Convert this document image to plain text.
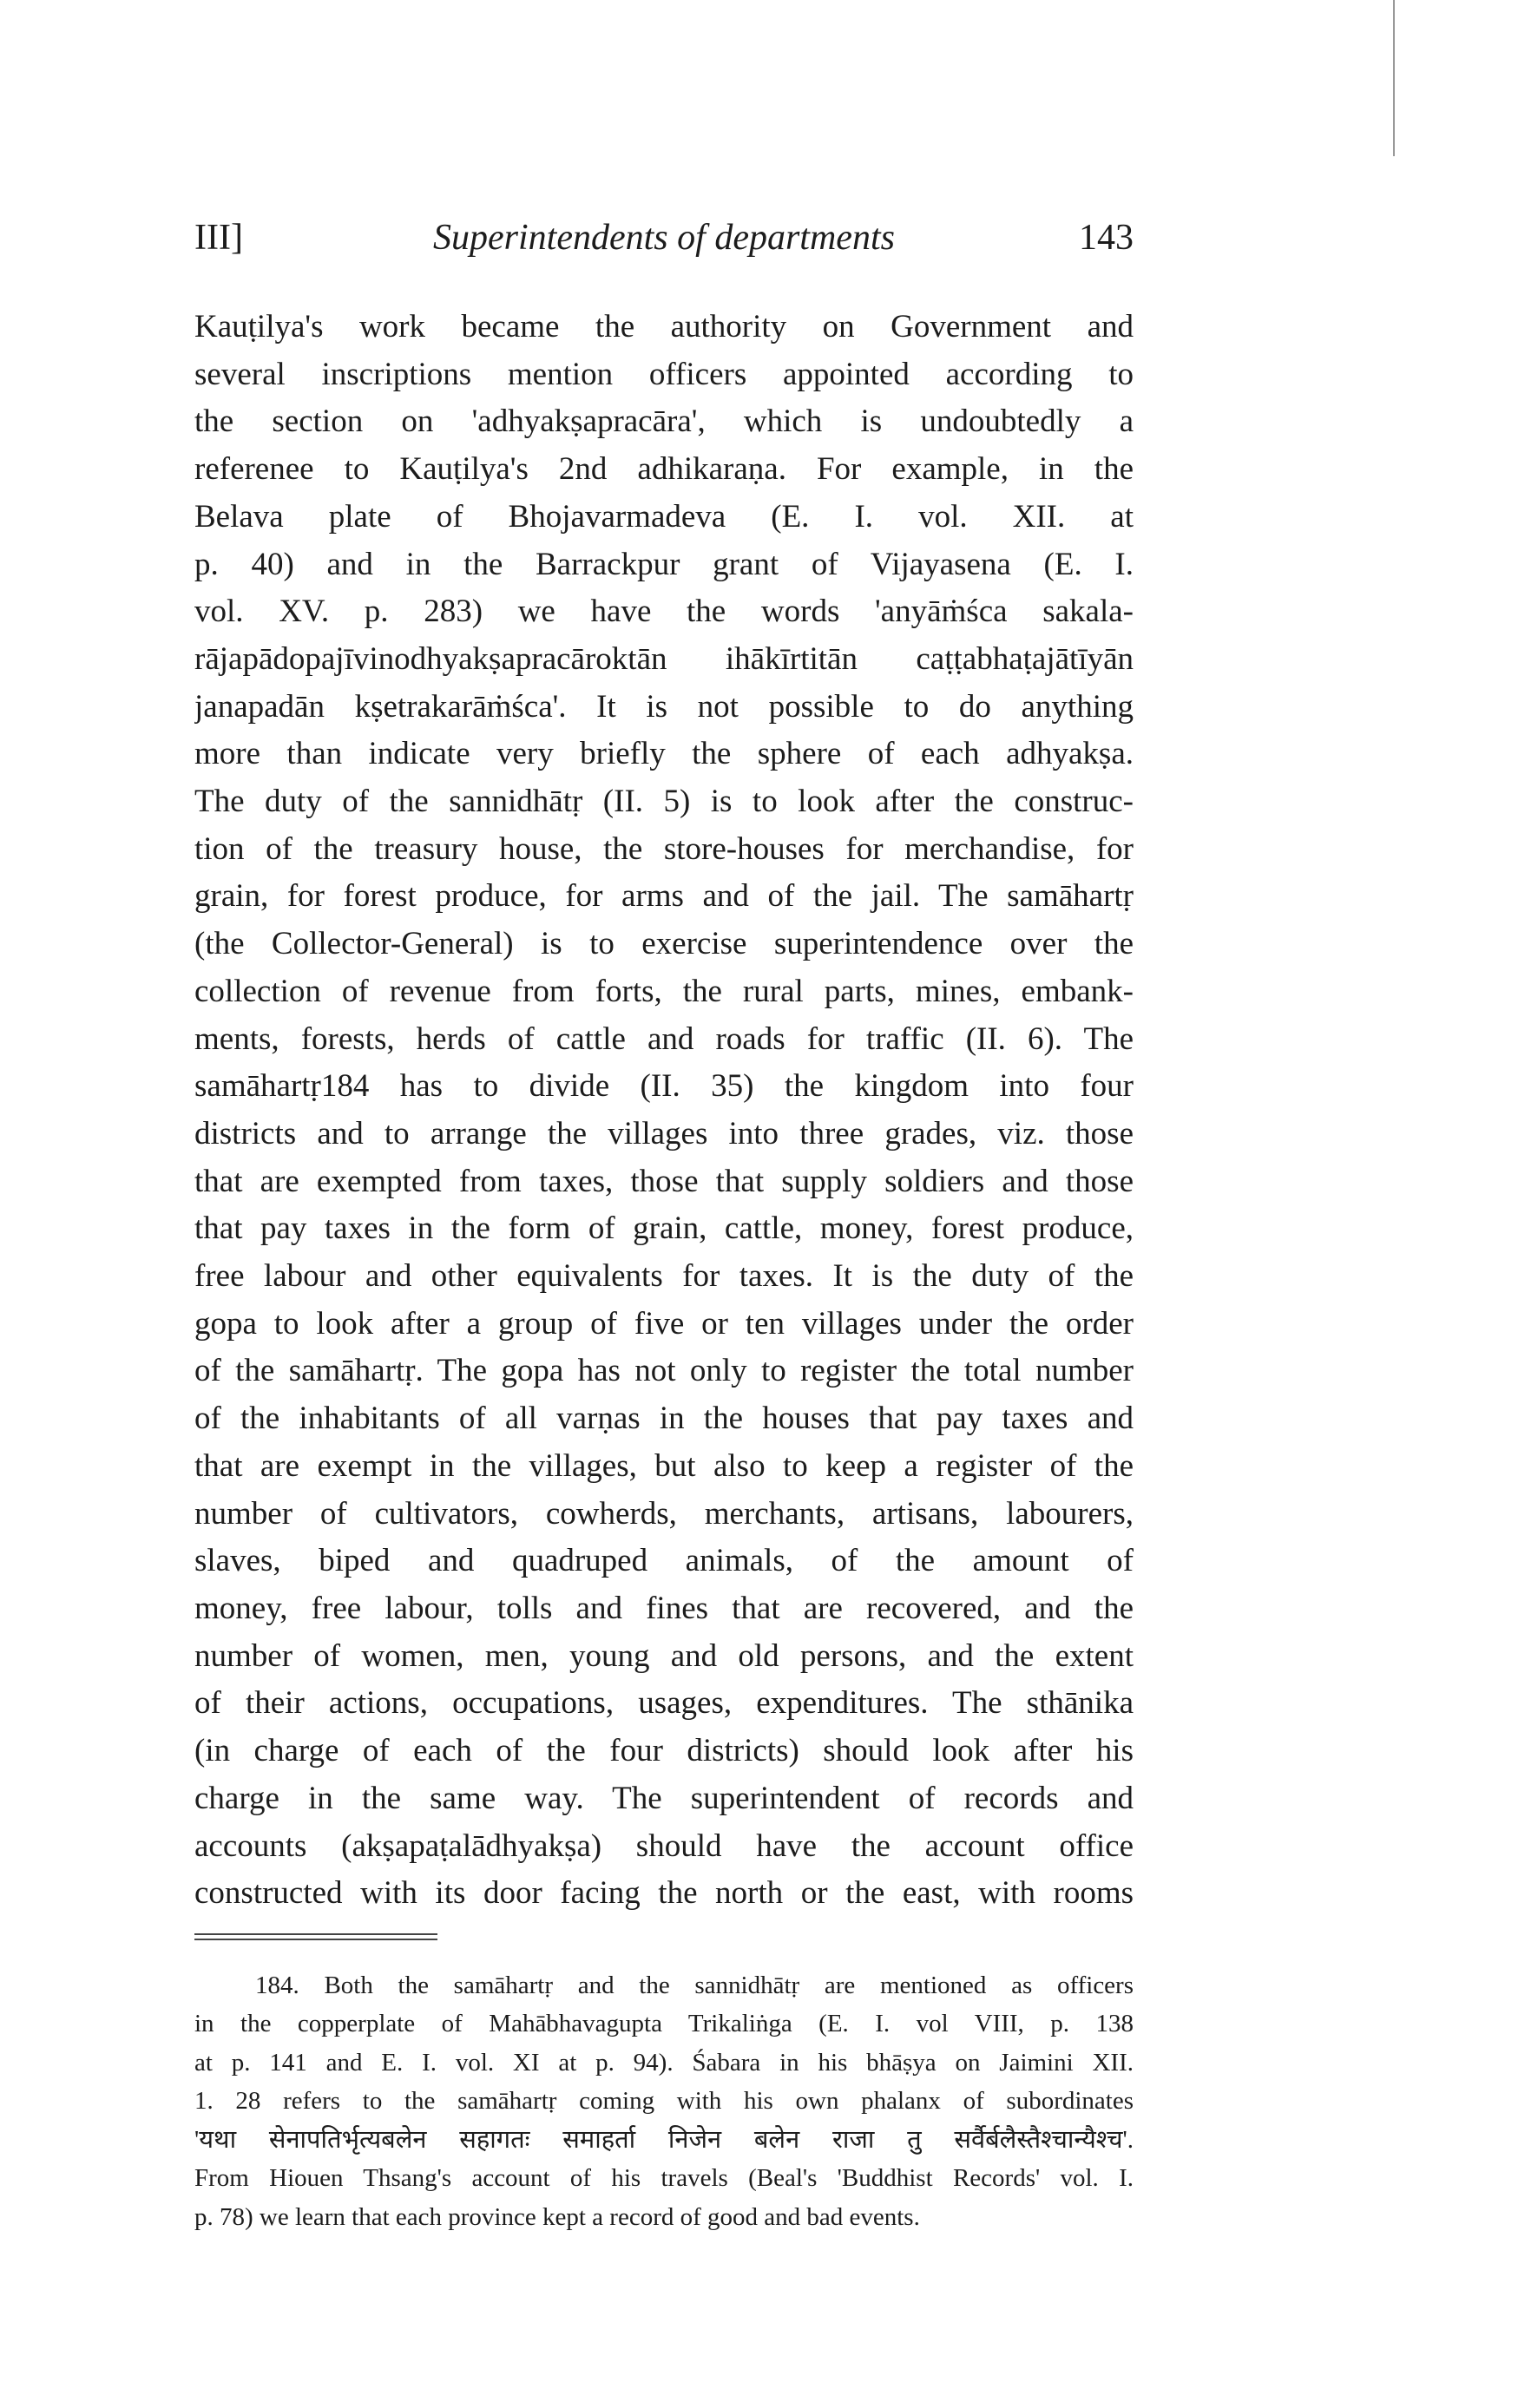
III]	Superintendents of departments	143
Kauṭilya's work became the authority on Government and
several inscriptions mention officers appointed according to
the section on 'adhyakṣapracāra', which is undoubtedly a
referenee to Kauṭilya's 2nd adhikaraṇa. For example, in the
Belava plate of Bhojavarmadeva (E. I. vol. XII. at
p. 40) and in the Barrackpur grant of Vijayasena (E. I.
vol. XV. p. 283) we have the words 'anyāṁśca sakala-
rājapādopajīvinodhyakṣapracāroktān ihākīrtitān caṭṭabhaṭajātīyān
janapadān kṣetrakarāṁśca'. It is not possible to do anything
more than indicate very briefly the sphere of each adhyakṣa.
The duty of the sannidhātṛ (II. 5) is to look after the construc-
tion of the treasury house, the store-houses for merchandise, for
grain, for forest produce, for arms and of the jail. The samāhartṛ
(the Collector-General) is to exercise superintendence over the
collection of revenue from forts, the rural parts, mines, embank-
ments, forests, herds of cattle and roads for traffic (II. 6). The
samāhartṛ184 has to divide (II. 35) the kingdom into four
districts and to arrange the villages into three grades, viz. those
that are exempted from taxes, those that supply soldiers and those
that pay taxes in the form of grain, cattle, money, forest produce,
free labour and other equivalents for taxes. It is the duty of the
gopa to look after a group of five or ten villages under the order
of the samāhartṛ. The gopa has not only to register the total number
of the inhabitants of all varṇas in the houses that pay taxes and
that are exempt in the villages, but also to keep a register of the
number of cultivators, cowherds, merchants, artisans, labourers,
slaves, biped and quadruped animals, of the amount of
money, free labour, tolls and fines that are recovered, and the
number of women, men, young and old persons, and the extent
of their actions, occupations, usages, expenditures. The sthānika
(in charge of each of the four districts) should look after his
charge in the same way. The superintendent of records and
accounts (akṣapaṭalādhyakṣa) should have the account office
constructed with its door facing the north or the east, with rooms
184. Both the samāhartṛ and the sannidhātṛ are mentioned as officers
in the copperplate of Mahābhavagupta Trikaliṅga (E. I. vol VIII, p. 138
at p. 141 and E. I. vol. XI at p. 94). Śabara in his bhāṣya on Jaimini XII.
1. 28 refers to the samāhartṛ coming with his own phalanx of subordinates
'यथा सेनापतिर्भृत्यबलेन सहागतः समाहर्ता निजेन बलेन राजा तु सर्वैर्बलैस्तैश्चान्यैश्च'.
From Hiouen Thsang's account of his travels (Beal's 'Buddhist Records' vol. I.
p. 78) we learn that each province kept a record of good and bad events.
